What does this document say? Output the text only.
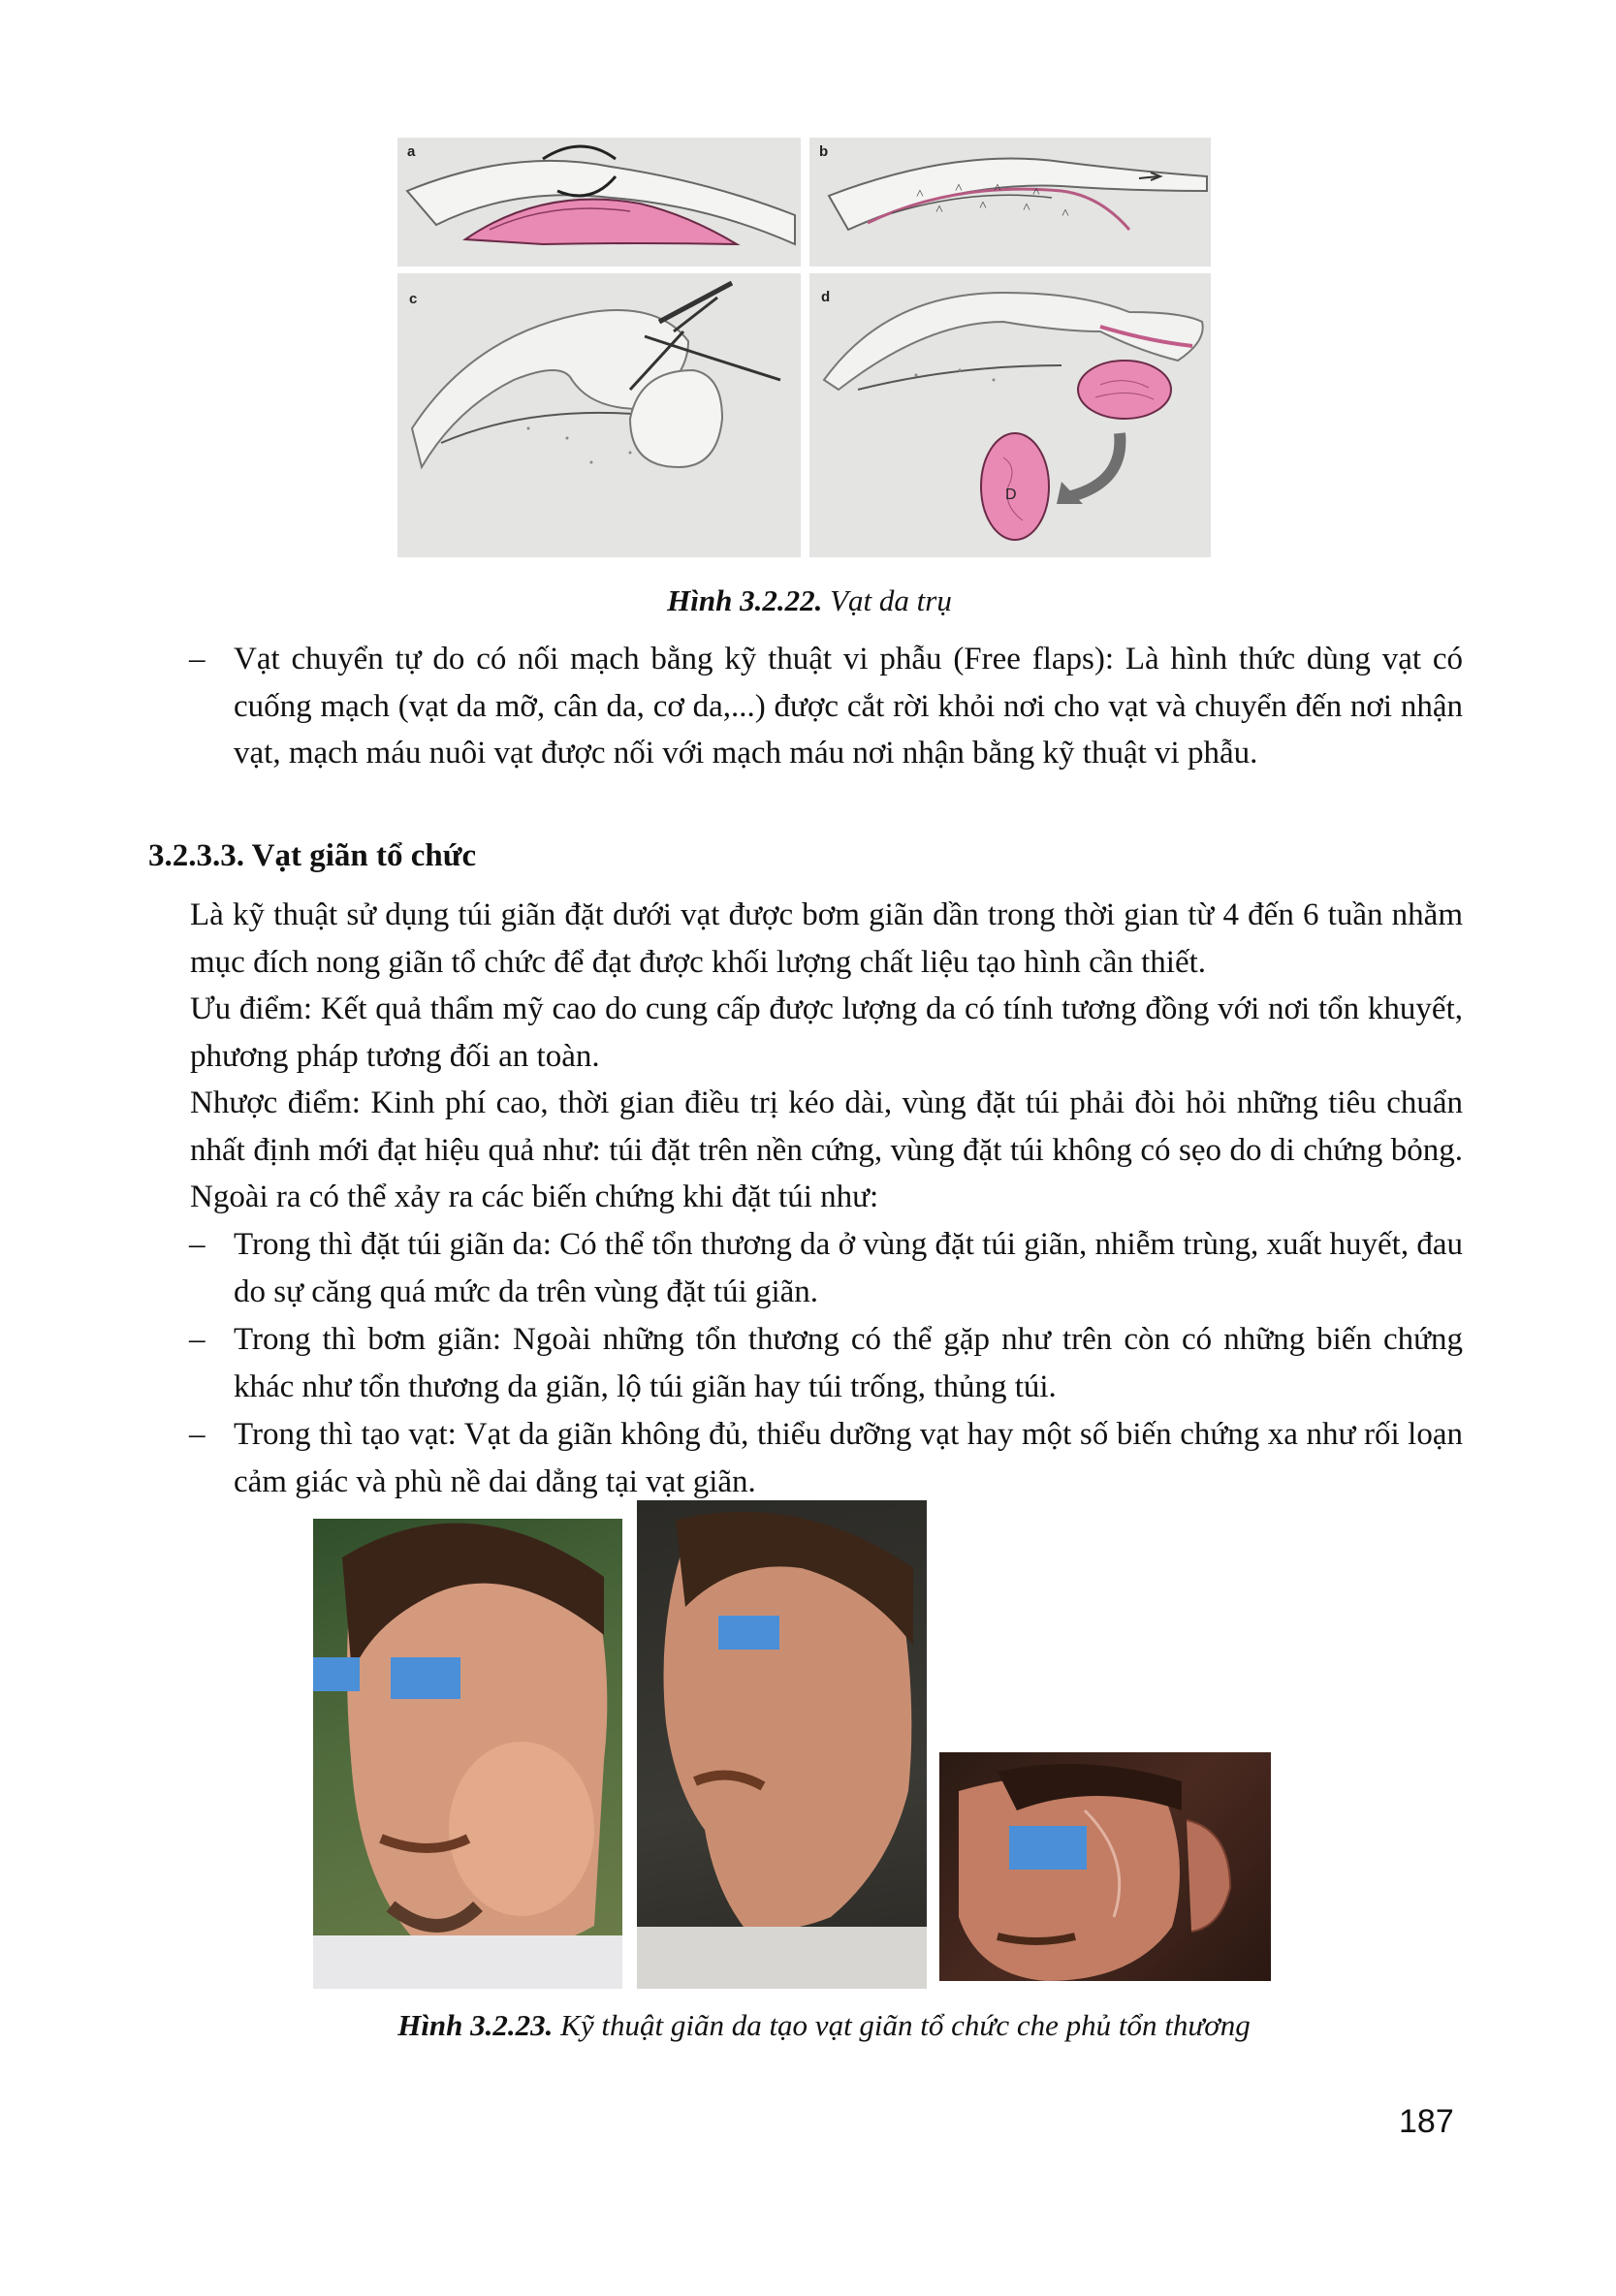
a
˄ ˄ ˄ ˄
˄	˄	˄ ˄
b
c	d
D
Hình 3.2.22. Vạt da trụ
– Vạt chuyển tự do có nối mạch bằng kỹ thuật vi phẫu (Free flaps): Là hình thức dùng vạt có cuống mạch (vạt da mỡ, cân da, cơ da,...) được cắt rời khỏi nơi cho vạt và chuyển đến nơi nhận vạt, mạch máu nuôi vạt được nối với mạch máu nơi nhận bằng kỹ thuật vi phẫu.
3.2.3.3. Vạt giãn tổ chức
Là kỹ thuật sử dụng túi giãn đặt dưới vạt được bơm giãn dần trong thời gian từ 4 đến 6 tuần nhằm mục đích nong giãn tổ chức để đạt được khối lượng chất liệu tạo hình cần thiết.
Ưu điểm: Kết quả thẩm mỹ cao do cung cấp được lượng da có tính tương đồng với nơi tổn khuyết, phương pháp tương đối an toàn.
Nhược điểm: Kinh phí cao, thời gian điều trị kéo dài, vùng đặt túi phải đòi hỏi những tiêu chuẩn nhất định mới đạt hiệu quả như: túi đặt trên nền cứng, vùng đặt túi không có sẹo do di chứng bỏng. Ngoài ra có thể xảy ra các biến chứng khi đặt túi như:
– Trong thì đặt túi giãn da: Có thể tổn thương da ở vùng đặt túi giãn, nhiễm trùng, xuất huyết, đau do sự căng quá mức da trên vùng đặt túi giãn.
– Trong thì bơm giãn: Ngoài những tổn thương có thể gặp như trên còn có những biến chứng khác như tổn thương da giãn, lộ túi giãn hay túi trống, thủng túi.
– Trong thì tạo vạt: Vạt da giãn không đủ, thiểu dưỡng vạt hay một số biến chứng xa như rối loạn cảm giác và phù nề dai dẳng tại vạt giãn.
Hình 3.2.23. Kỹ thuật giãn da tạo vạt giãn tổ chức che phủ tổn thương
187
